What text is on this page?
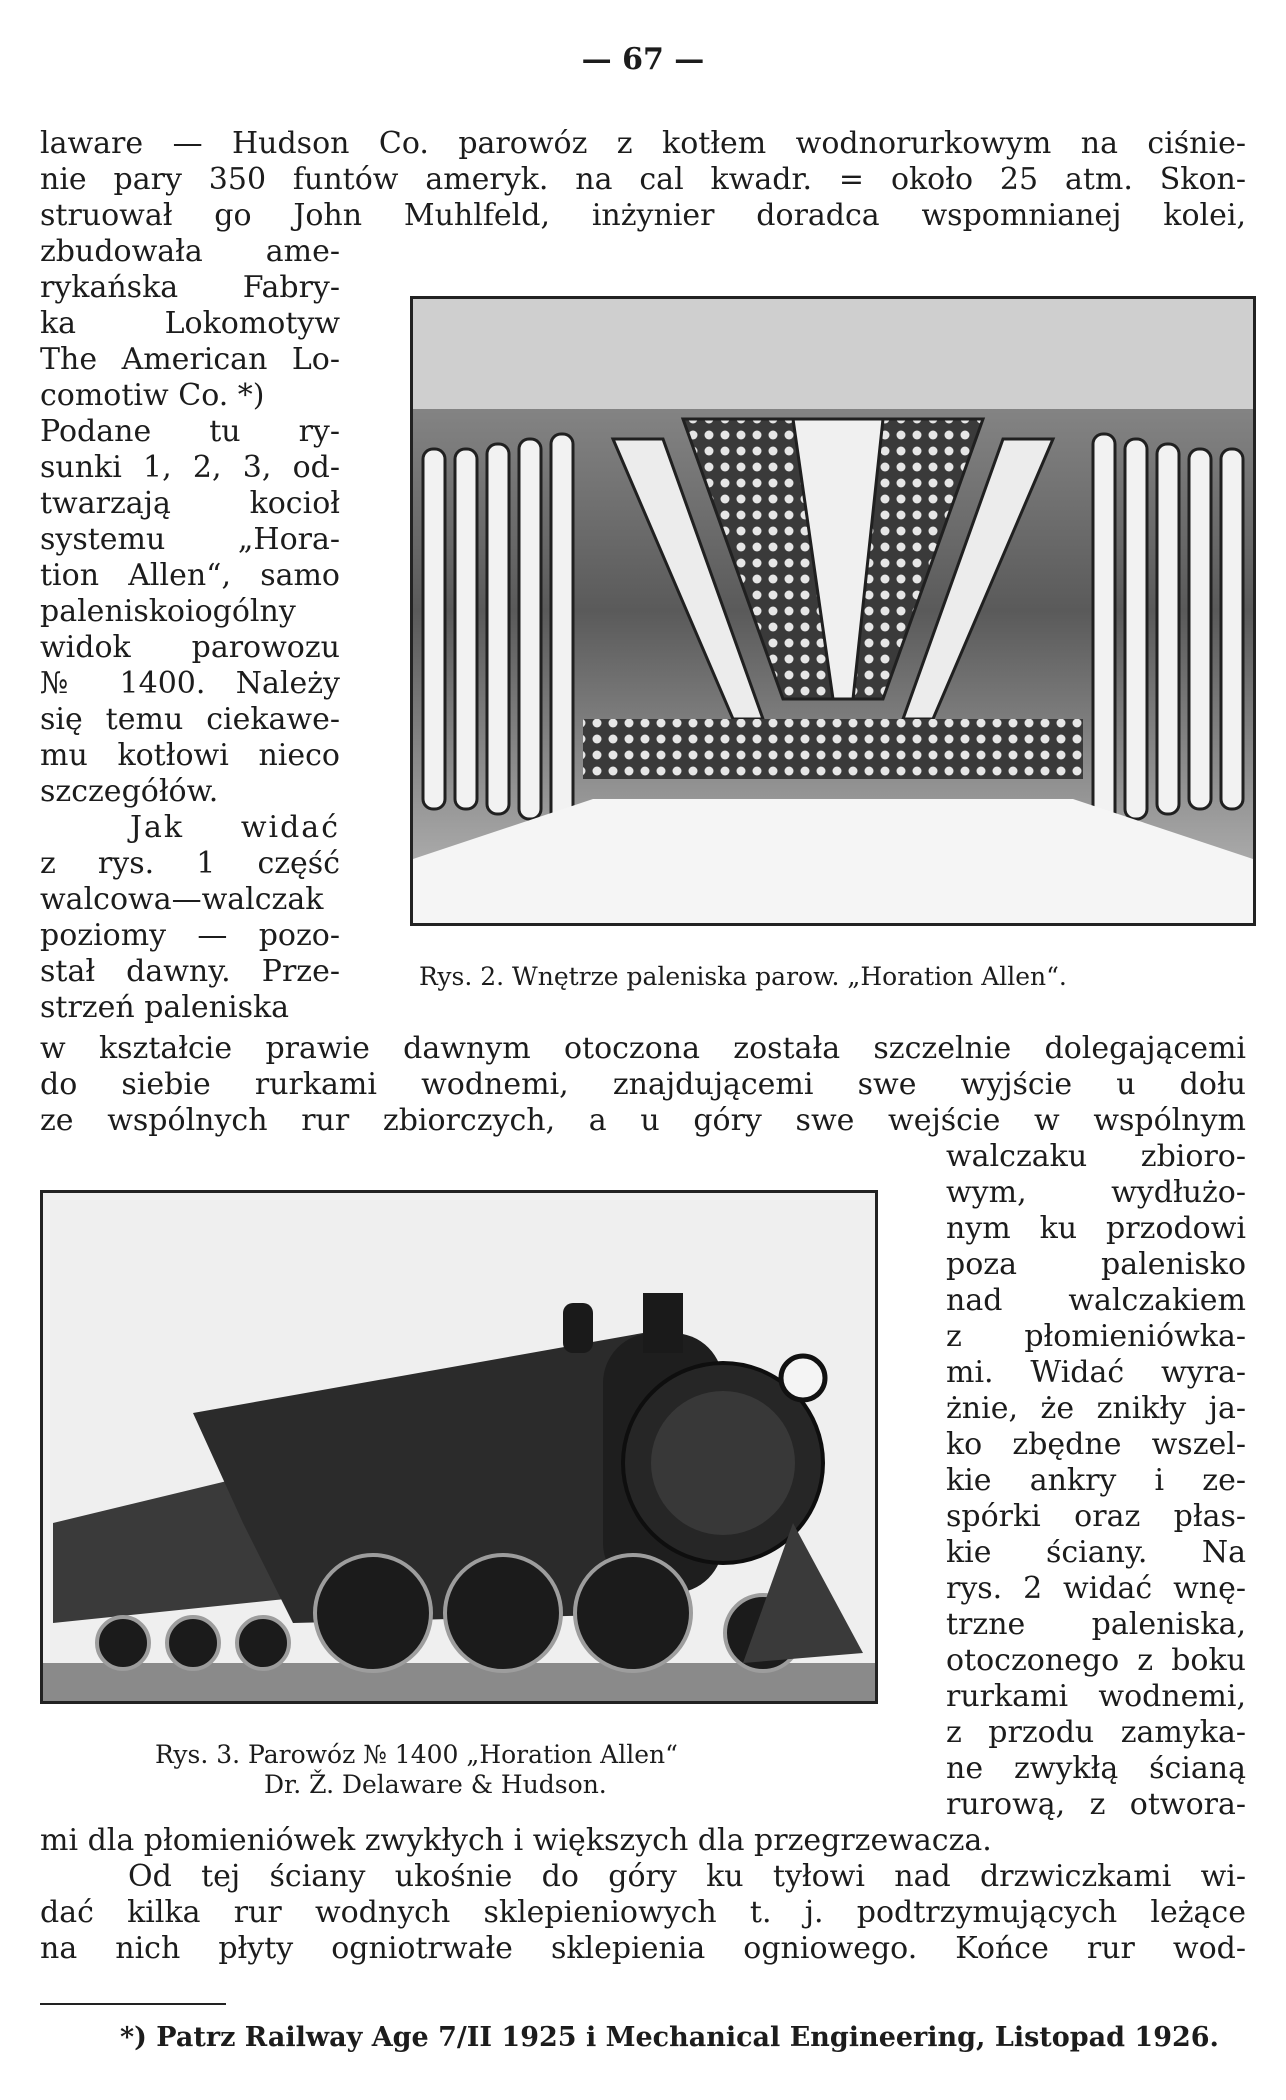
— 67 —
laware — Hudson Co. parowóz z kotłem wodnorurkowym na ciśnie-
nie pary 350 funtów ameryk. na cal kwadr. = około 25 atm. Skon-
struował go John Muhlfeld, inżynier doradca wspomnianej kolei,
zbudowała ame-
rykańska Fabry-
ka Lokomotyw
The American Lo-
comotiw Co. *)
Podane tu ry-
sunki 1, 2, 3, od-
twarzają kocioł
systemu „Hora-
tion Allen“, samo
paleniskoiogólny
widok parowozu
№ 1400. Należy
się temu ciekawe-
mu kotłowi nieco
szczegółów.
Jak widać
z rys. 1 część
walcowa—walczak
poziomy — pozo-
stał dawny. Prze-
strzeń paleniska
Rys. 2. Wnętrze paleniska parow. „Horation Allen“.
w kształcie prawie dawnym otoczona została szczelnie dolegającemi
do siebie rurkami wodnemi, znajdującemi swe wyjście u dołu
ze wspólnych rur zbiorczych, a u góry swe wejście w wspólnym
walczaku zbioro-
wym, wydłużo-
nym ku przodowi
poza palenisko
nad walczakiem
z płomieniówka-
mi. Widać wyra-
żnie, że znikły ja-
ko zbędne wszel-
kie ankry i ze-
spórki oraz płas-
kie ściany. Na
rys. 2 widać wnę-
trzne paleniska,
otoczonego z boku
rurkami wodnemi,
z przodu zamyka-
ne zwykłą ścianą
rurową, z otwora-
Rys. 3. Parowóz № 1400 „Horation Allen“
Dr. Ž. Delaware & Hudson.
mi dla płomieniówek zwykłych i większych dla przegrzewacza.
Od tej ściany ukośnie do góry ku tyłowi nad drzwiczkami wi-
dać kilka rur wodnych sklepieniowych t. j. podtrzymujących leżące
na nich płyty ogniotrwałe sklepienia ogniowego. Końce rur wod-
*) Patrz Railway Age 7/II 1925 i Mechanical Engineering, Listopad 1926.
